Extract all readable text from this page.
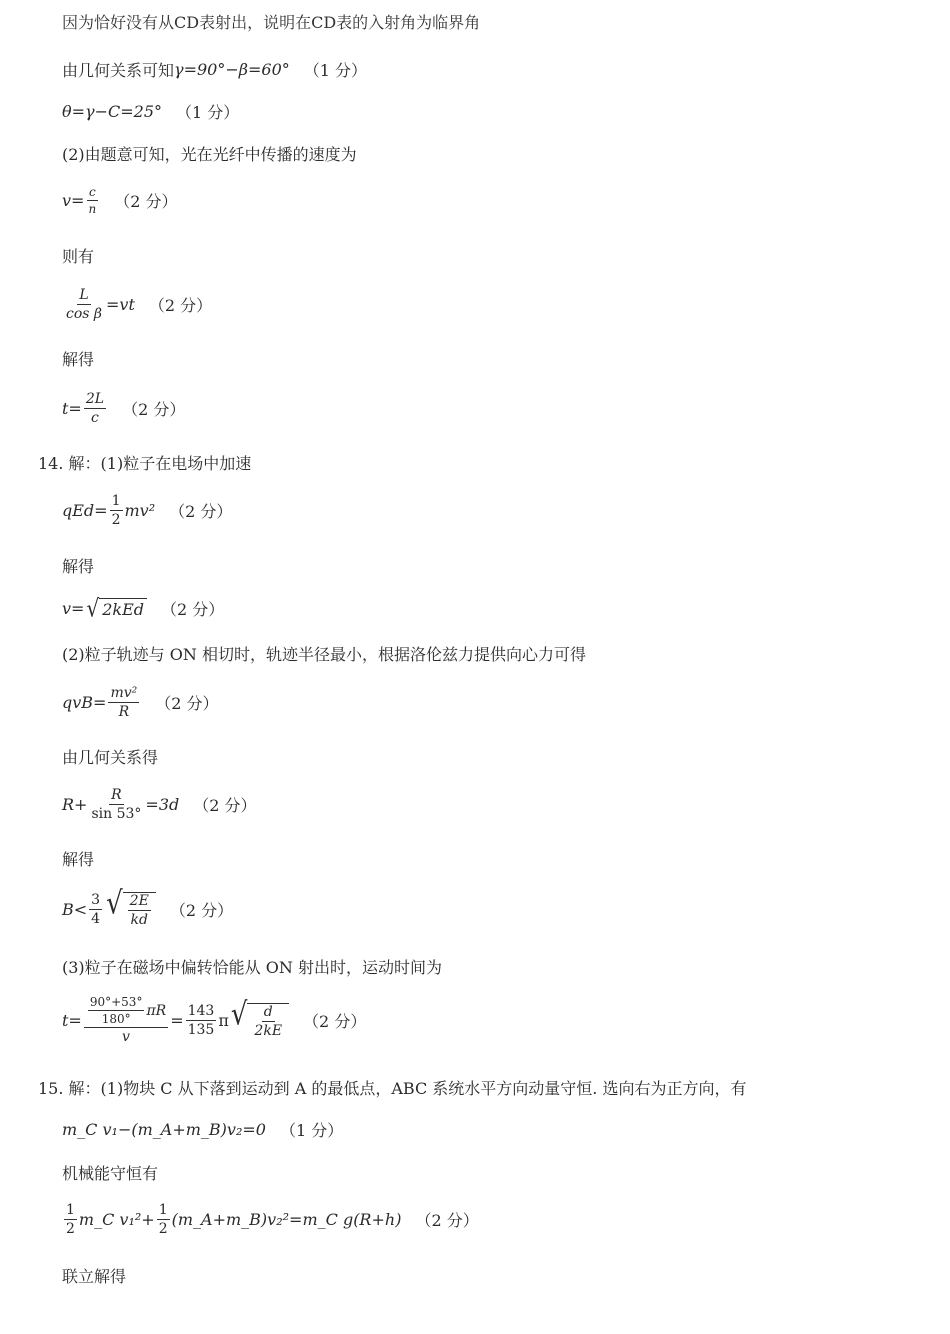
因为恰好没有从CD表射出，说明在CD表的入射角为临界角
由几何关系可知 γ=90°−β=60° （1 分）
θ=γ−C=25° （1 分）
(2)由题意可知，光在光纤中传播的速度为
$v= \frac{c}{n} (2$ 分）
则有
$\frac{L}{\text{cos β}} =vt$ （2 分）
解得
$t= \frac{2L}{c} (2$ 分）
14. 解：(1)粒子在电场中加速
$qEd= \frac{1}{2} mv^2$ （2 分）
解得
v= √ 2kEd （2 分）
(2)粒子轨迹与 ON 相切时，轨迹半径最小，根据洛伦兹力提供向心力可得
$qvB= \frac{\text{mv²}}{R} (2$ 分）
由几何关系得
$R+ \frac{R}{\sin 53^\circ} =3d$ （2 分）
解得
$B< \frac{3}{4}$ √ $\frac{2E}{kd} (2$ 分）
(3)粒子在磁场中偏转恰能从 ON 射出时，运动时间为
$t= \frac{\frac{90^\circ+53^\circ}{180^\circ} \pi R}{v} = \frac{143}{135}$ π √ $\frac{d}{2kE} (2$ 分）
15. 解：(1)物块 C 从下落到运动到 A 的最低点，ABC 系统水平方向动量守恒. 选向右为正方向，有
m_C v₁−(m_A+m_B)v₂=0 （1 分）
机械能守恒有
$\frac{1}{2}$ m_C $v_1^2+ \frac{1}{2}$ (m_A+m_B)v₂²=m_C g(R+h) （2 分）
联立解得
